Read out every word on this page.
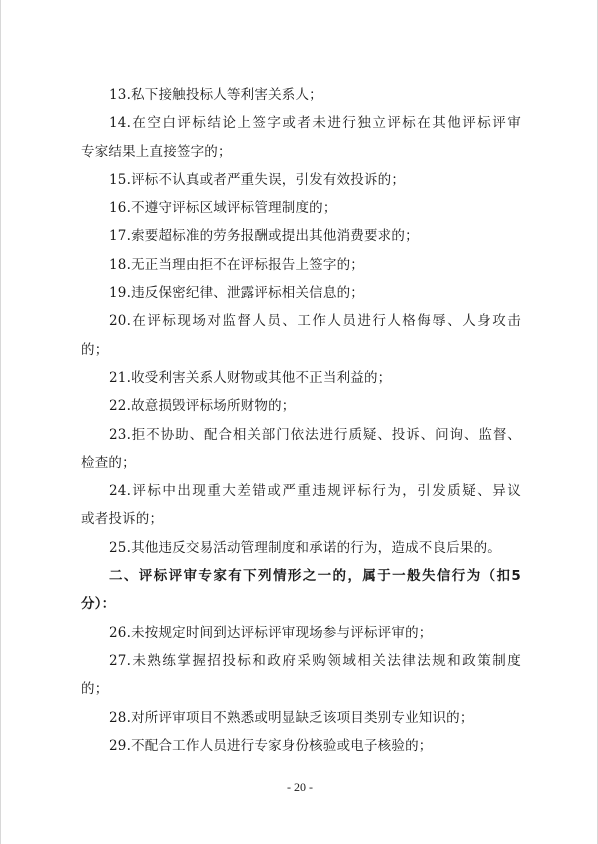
13.私下接触投标人等利害关系人；
14.在空白评标结论上签字或者未进行独立评标在其他评标评审
专家结果上直接签字的；
15.评标不认真或者严重失误，引发有效投诉的；
16.不遵守评标区域评标管理制度的；
17.索要超标准的劳务报酬或提出其他消费要求的；
18.无正当理由拒不在评标报告上签字的；
19.违反保密纪律、泄露评标相关信息的；
20.在评标现场对监督人员、工作人员进行人格侮辱、人身攻击
的；
21.收受利害关系人财物或其他不正当利益的；
22.故意损毁评标场所财物的；
23.拒不协助、配合相关部门依法进行质疑、投诉、问询、监督、
检查的；
24.评标中出现重大差错或严重违规评标行为，引发质疑、异议
或者投诉的；
25.其他违反交易活动管理制度和承诺的行为，造成不良后果的。
二、评标评审专家有下列情形之一的，属于一般失信行为（扣5
分）：
26.未按规定时间到达评标评审现场参与评标评审的；
27.未熟练掌握招投标和政府采购领域相关法律法规和政策制度
的；
28.对所评审项目不熟悉或明显缺乏该项目类别专业知识的；
29.不配合工作人员进行专家身份核验或电子核验的；
- 20 -
